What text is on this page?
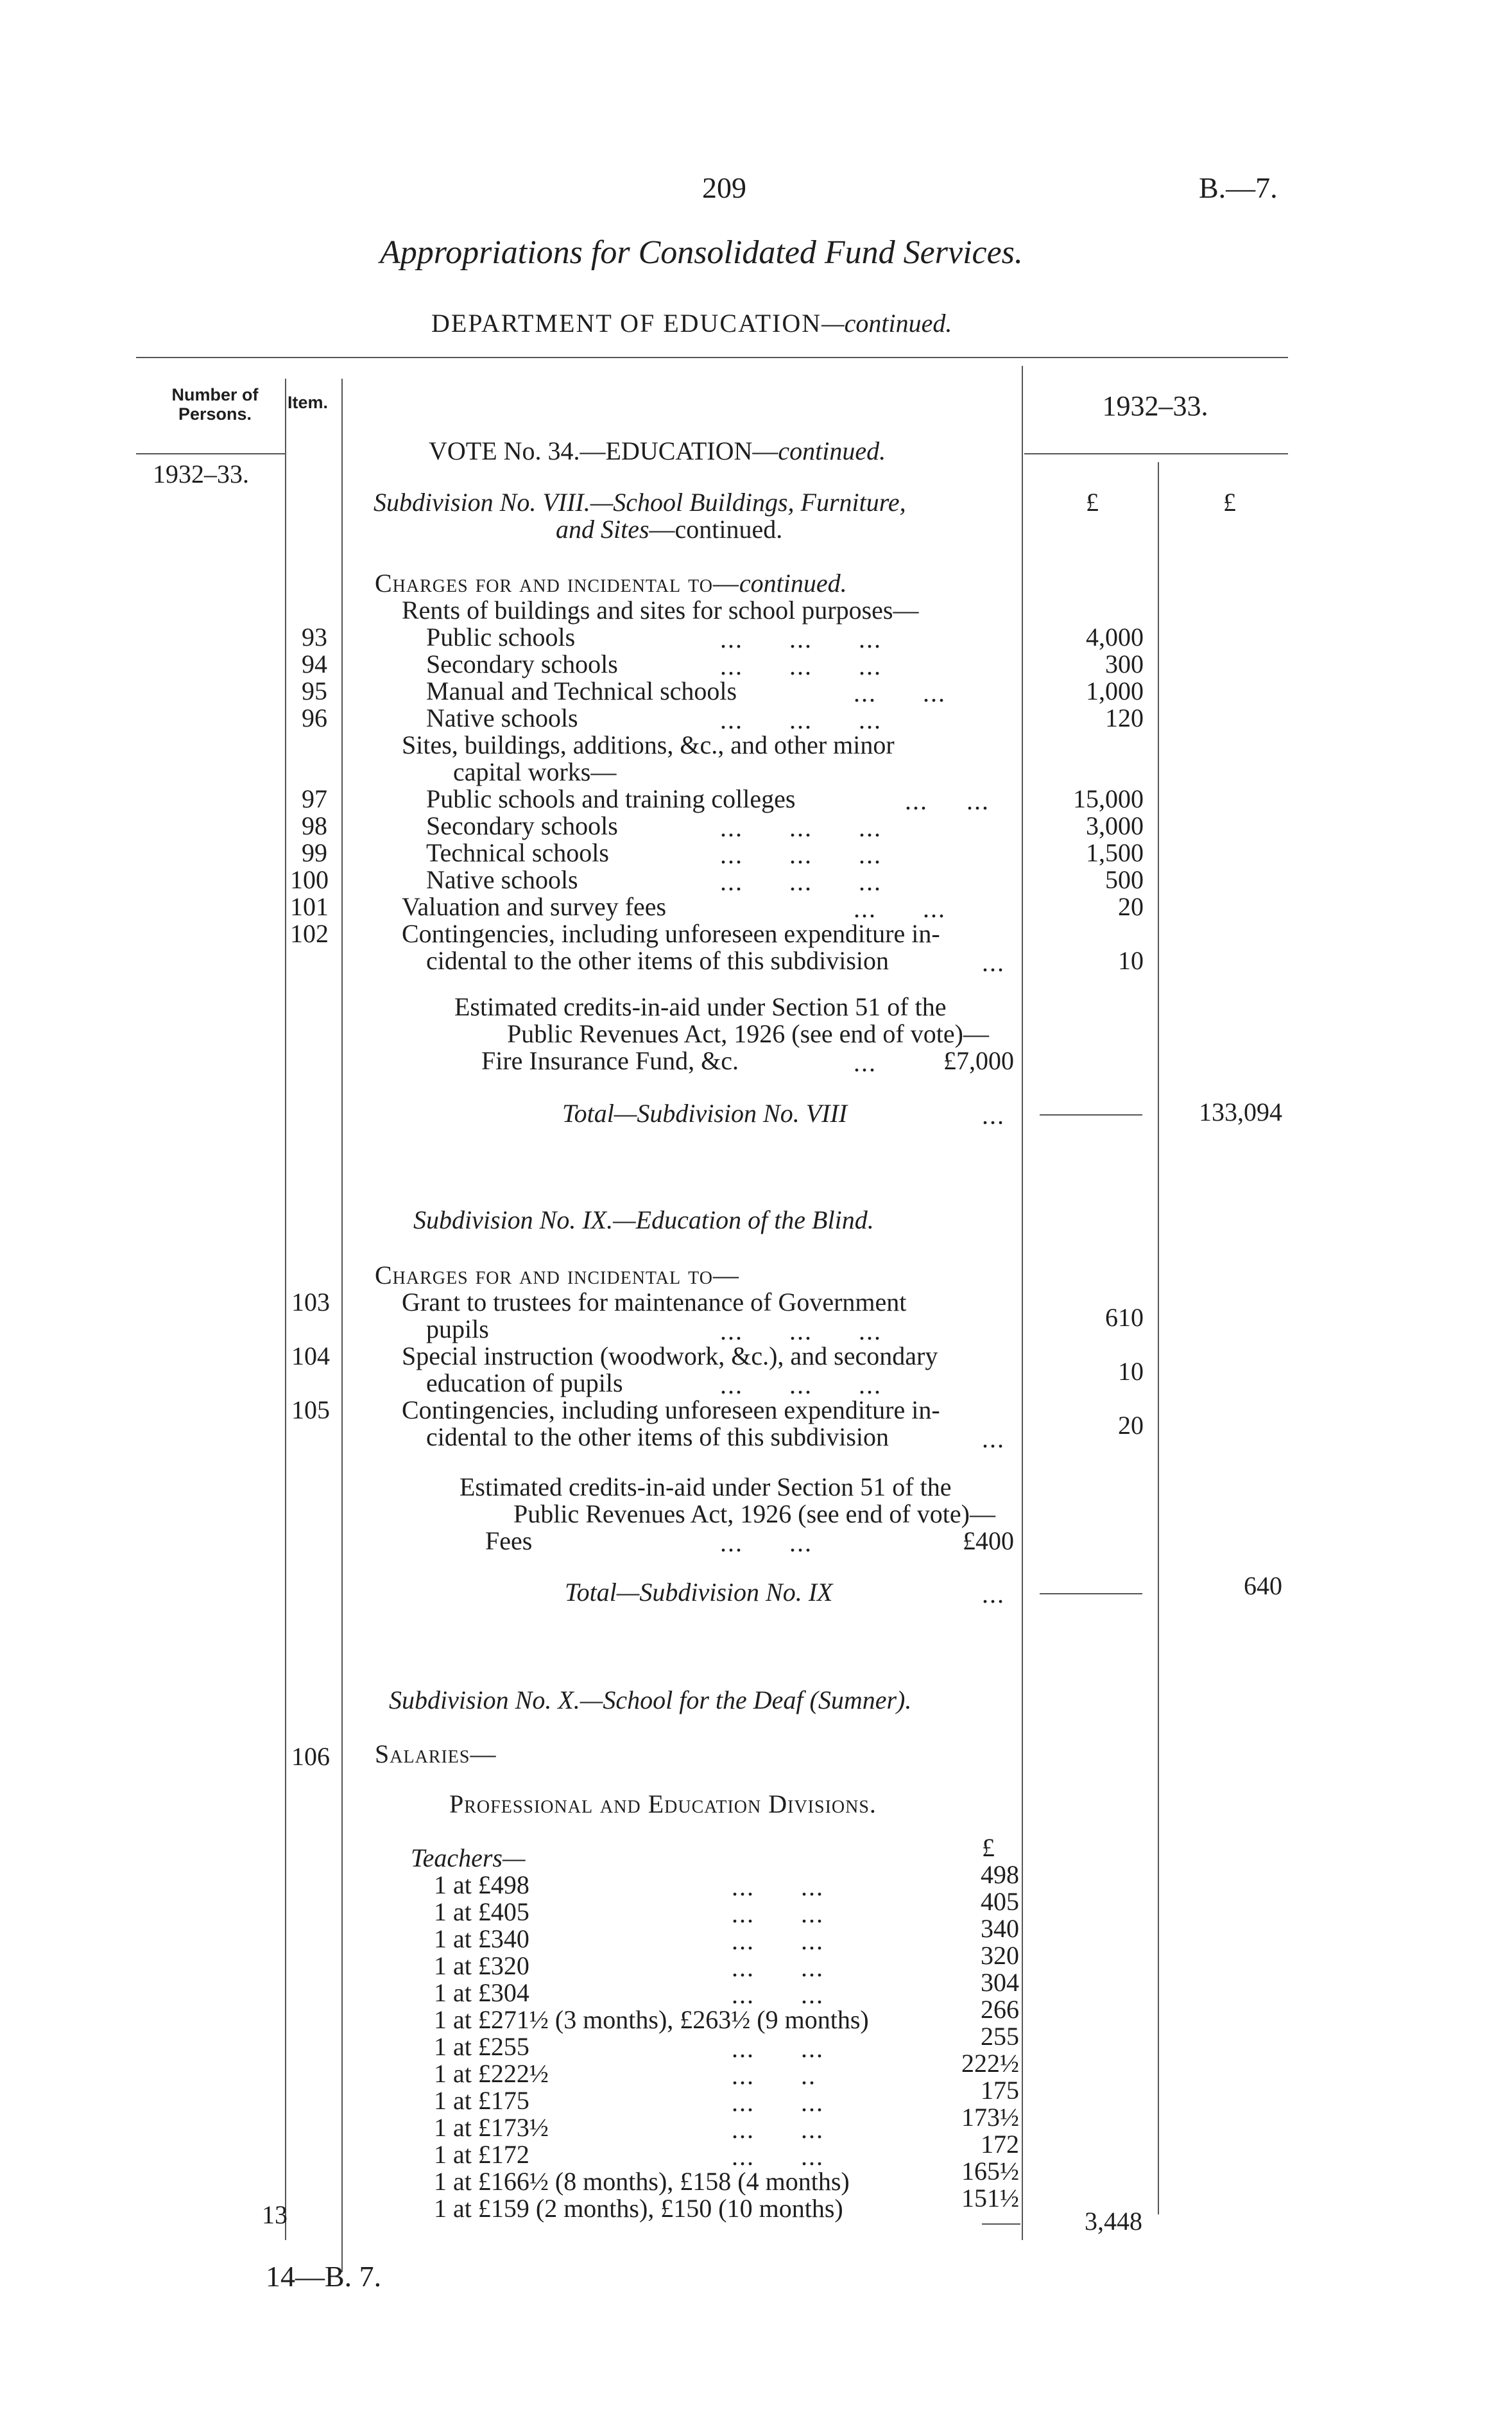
209	B.—7.
Appropriations for Consolidated Fund Services.
DEPARTMENT OF EDUCATION—continued.
Number of Persons.
Item.	1932–33.
1932–33.
£	£
VOTE No. 34.—EDUCATION—continued.
Subdivision No. VIII.—School Buildings, Furniture,
and Sites—continued.
Charges for and incidental to—continued.
Rents of buildings and sites for school purposes—
93	Public schools	...      ...      ...	4,000
94	Secondary schools	...      ...      ...	300
95	Manual and Technical schools	...      ...	1,000
96	Native schools	...      ...      ...	120
Sites, buildings, additions, &c., and other minor
capital works—
97	Public schools and training colleges	...     ...	15,000
98	Secondary schools	...      ...      ...	3,000
99	Technical schools	...      ...      ...	1,500
100	Native schools	...      ...      ...	500
101	Valuation and survey fees	...      ...	20
102	Contingencies, including unforeseen expenditure in-
cidental to the other items of this subdivision	...	10
Estimated credits-in-aid under Section 51 of the
Public Revenues Act, 1926 (see end of vote)—
Fire Insurance Fund, &c.	...	£7,000
Total—Subdivision No. VIII	...	133,094
Subdivision No. IX.—Education of the Blind.
Charges for and incidental to—
103	Grant to trustees for maintenance of Government
pupils	...      ...      ...	610
104	Special instruction (woodwork, &c.), and secondary
education of pupils	...      ...      ...	10
105	Contingencies, including unforeseen expenditure in-
cidental to the other items of this subdivision	...	20
Estimated credits-in-aid under Section 51 of the
Public Revenues Act, 1926 (see end of vote)—
Fees	...      ...	£400
Total—Subdivision No. IX	...	640
Subdivision No. X.—School for the Deaf (Sumner).
106 Salaries—
Professional and Education Divisions.
Teachers—	£
1 at £498	...      ...	498
1 at £405	...      ...	405
1 at £340	...      ...	340
1 at £320	...      ...	320
1 at £304	...      ...	304
1 at £271½ (3 months), £263½ (9 months)	266
1 at £255	...      ...	255
1 at £222½	...      ..	222½
1 at £175	...      ...	175
1 at £173½	...      ...	173½
1 at £172	...      ...	172
1 at £166½ (8 months), £158 (4 months)	165½
1 at £159 (2 months), £150 (10 months)	151½
13	3,448
14—B. 7.
